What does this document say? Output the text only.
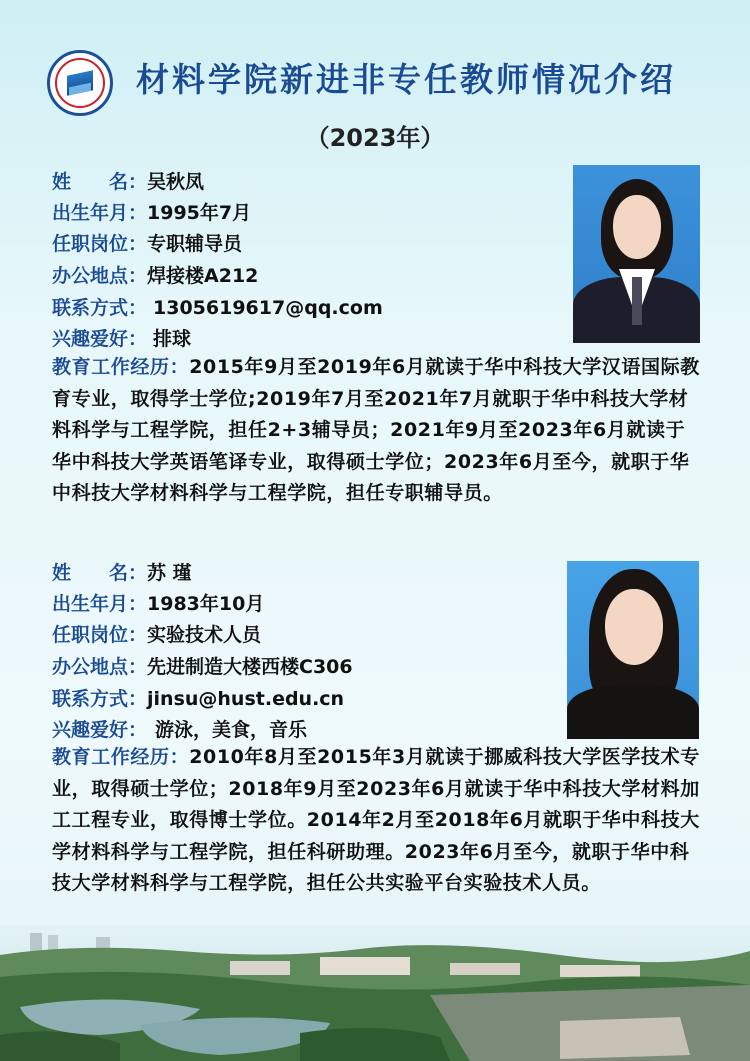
材料学院新进非专任教师情况介绍
（2023年）
姓　　名：吴秋凤
出生年月：1995年7月
任职岗位：专职辅导员
办公地点：焊接楼A212
联系方式： 1305619617@qq.com
兴趣爱好： 排球
教育工作经历：2015年9月至2019年6月就读于华中科技大学汉语国际教育专业，取得学士学位;2019年7月至2021年7月就职于华中科技大学材料科学与工程学院，担任2+3辅导员；2021年9月至2023年6月就读于华中科技大学英语笔译专业，取得硕士学位；2023年6月至今，就职于华中科技大学材料科学与工程学院，担任专职辅导员。
姓　　名：苏 瑾
出生年月：1983年10月
任职岗位：实验技术人员
办公地点：先进制造大楼西楼C306
联系方式：jinsu@hust.edu.cn
兴趣爱好： 游泳，美食，音乐
教育工作经历：2010年8月至2015年3月就读于挪威科技大学医学技术专业，取得硕士学位；2018年9月至2023年6月就读于华中科技大学材料加工工程专业，取得博士学位。2014年2月至2018年6月就职于华中科技大学材料科学与工程学院，担任科研助理。2023年6月至今，就职于华中科技大学材料科学与工程学院，担任公共实验平台实验技术人员。
